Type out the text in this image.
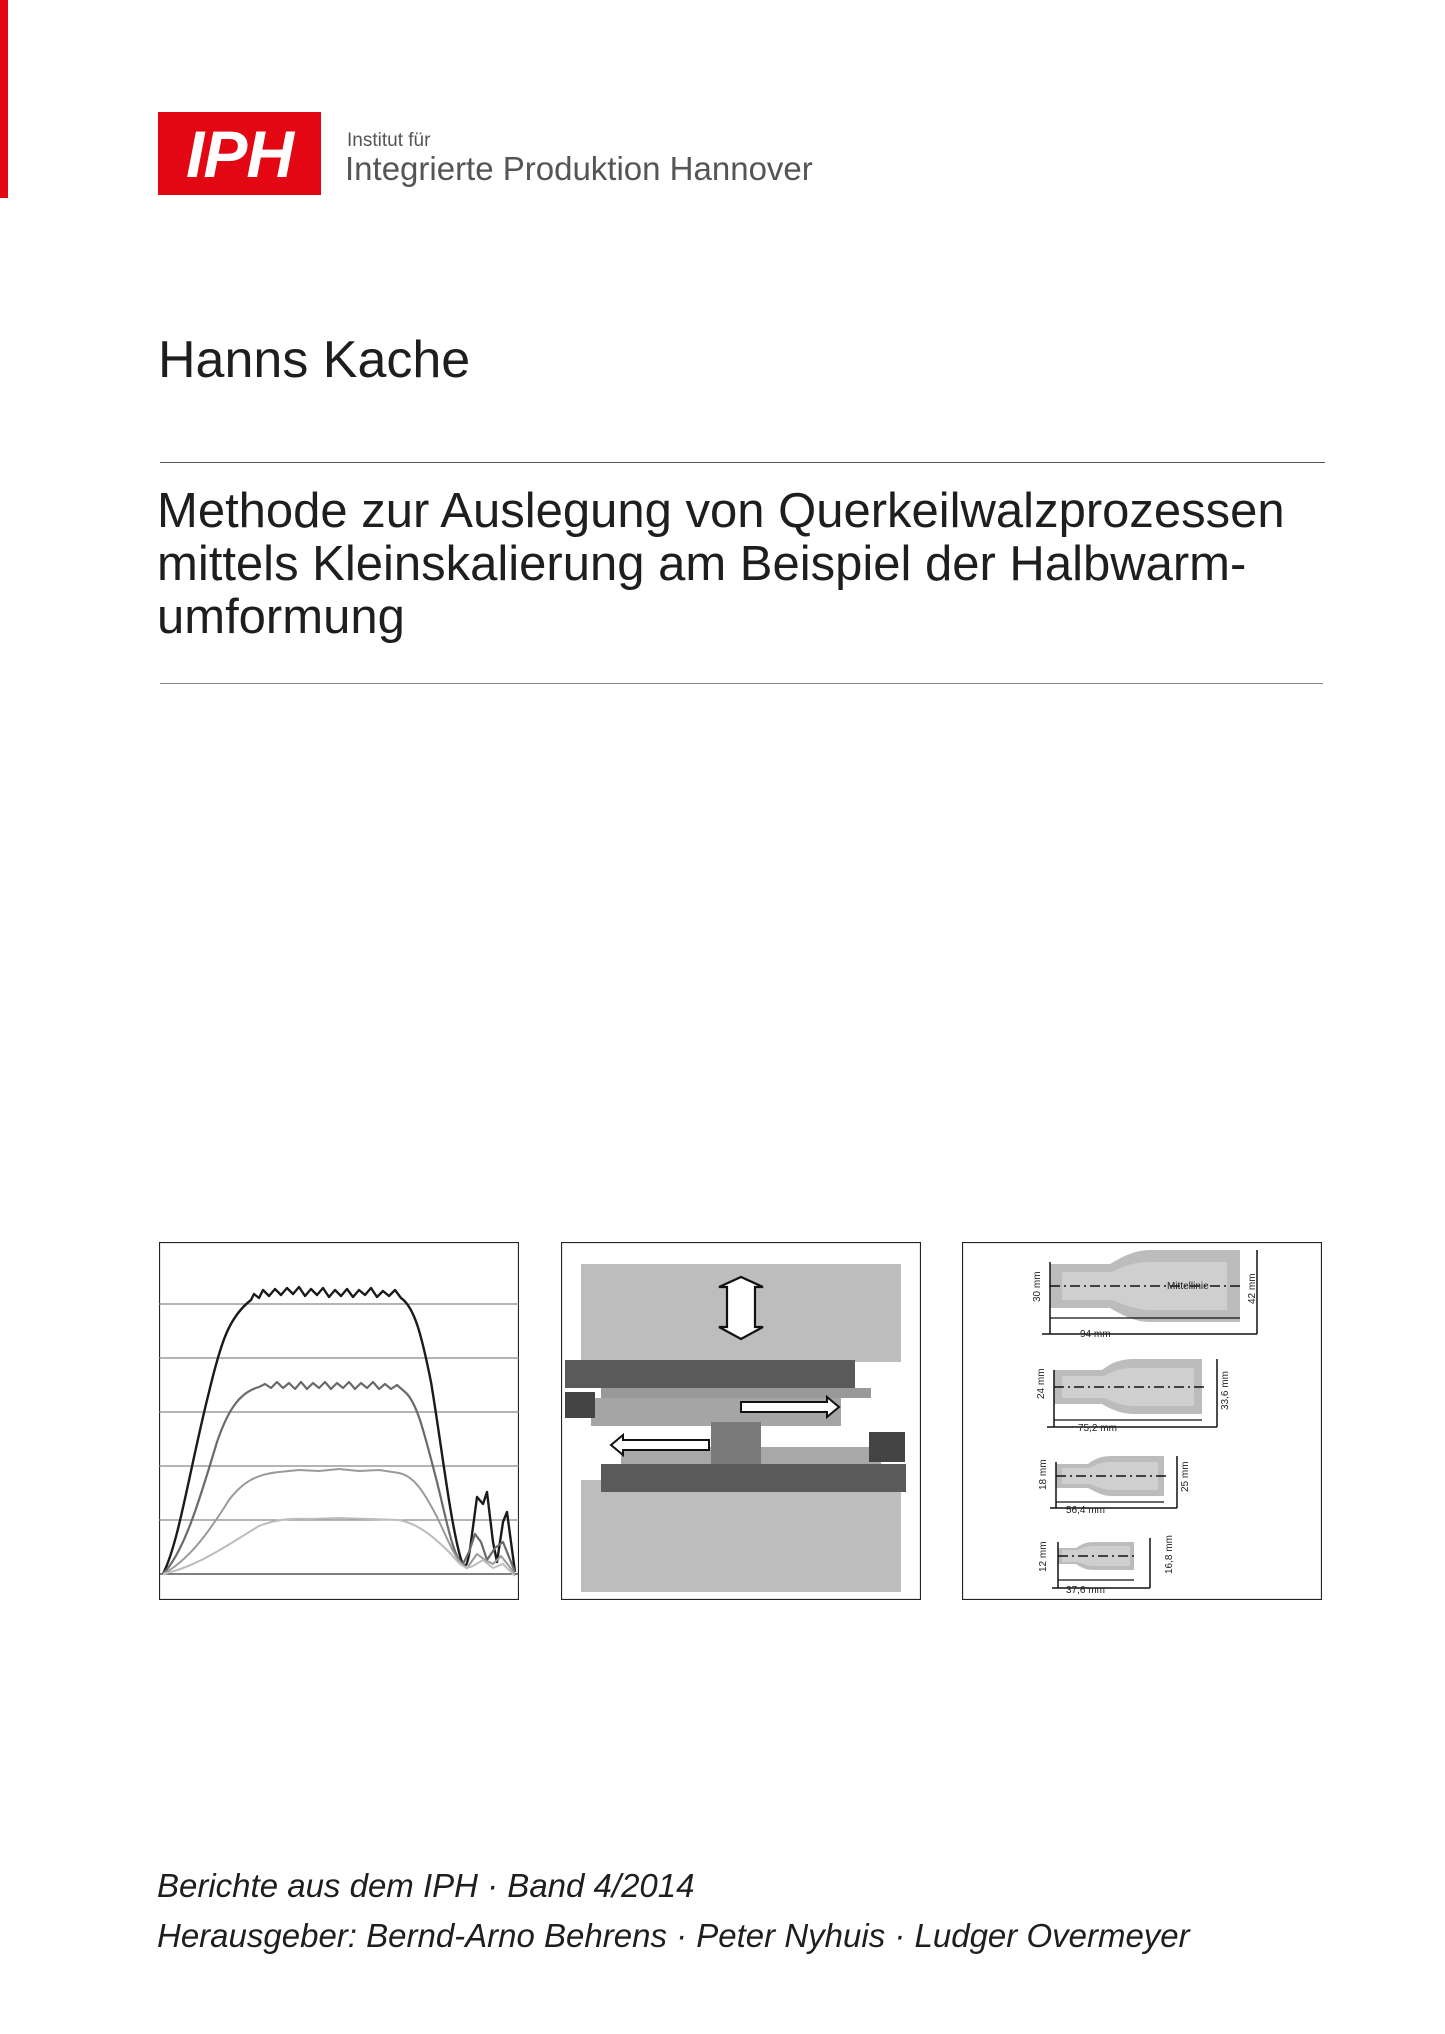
IPH	Institut für
Integrierte Produktion Hannover
Hanns Kache
Methode zur Auslegung von Querkeilwalzprozessen
mittels Kleinskalierung am Beispiel der Halbwarm-
umformung
Mittellinie
94 mm
30 mm	42 mm
75,2 mm
24 mm	33,6 mm
56,4 mm
18 mm	25 mm
37,6 mm
12 mm	16,8 mm
Berichte aus dem IPH · Band 4/2014
Herausgeber: Bernd-Arno Behrens · Peter Nyhuis · Ludger Overmeyer
